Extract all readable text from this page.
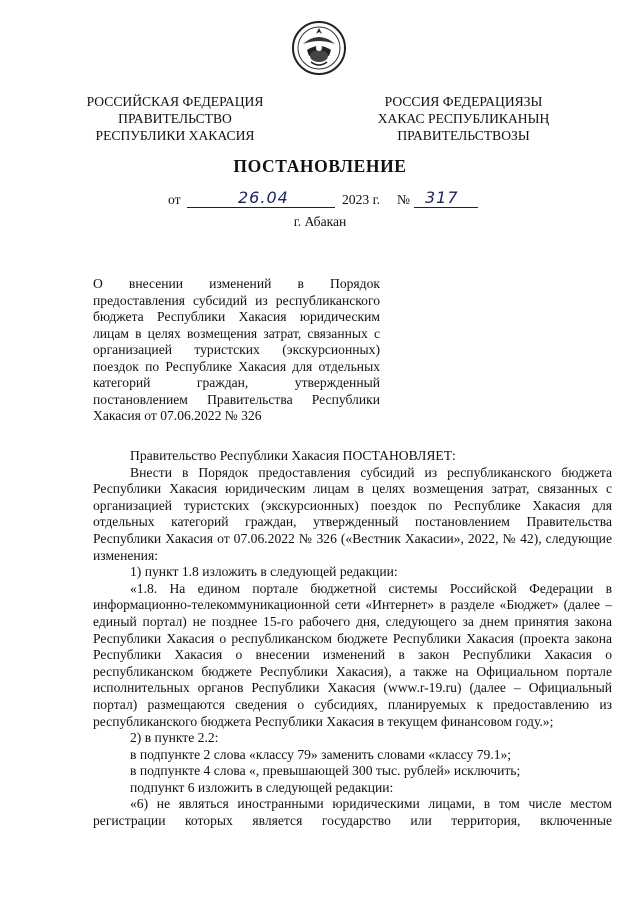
РОССИЙСКАЯ ФЕДЕРАЦИЯ
ПРАВИТЕЛЬСТВО
РЕСПУБЛИКИ ХАКАСИЯ
РОССИЯ ФЕДЕРАЦИЯЗЫ
ХАКАС РЕСПУБЛИКАНЫҢ
ПРАВИТЕЛЬСТВОЗЫ
ПОСТАНОВЛЕНИЕ
от	26.04	2023 г. № 317
г. Абакан
О внесении изменений в Порядок предоставления субсидий из республиканского бюджета Республики Хакасия юридическим лицам в целях возмещения затрат, связанных с организацией туристских (экскурсионных) поездок по Республике Хакасия для отдельных категорий граждан, утвержденный постановлением Правительства Республики Хакасия от 07.06.2022 № 326

Правительство Республики Хакасия ПОСТАНОВЛЯЕТ:

Внести в Порядок предоставления субсидий из республиканского бюджета Республики Хакасия юридическим лицам в целях возмещения затрат, связанных с организацией туристских (экскурсионных) поездок по Республике Хакасия для отдельных категорий граждан, утвержденный постановлением Правительства Республики Хакасия от 07.06.2022 № 326 («Вестник Хакасии», 2022, № 42), следующие изменения:

1) пункт 1.8 изложить в следующей редакции:

«1.8. На едином портале бюджетной системы Российской Федерации в информационно-телекоммуникационной сети «Интернет» в разделе «Бюджет» (далее – единый портал) не позднее 15-го рабочего дня, следующего за днем принятия закона Республики Хакасия о республиканском бюджете Республики Хакасия (проекта закона Республики Хакасия о внесении изменений в закон Республики Хакасия о республиканском бюджете Республики Хакасия), а также на Официальном портале исполнительных органов Республики Хакасия (www.r-19.ru) (далее – Официальный портал) размещаются сведения о субсидиях, планируемых к предоставлению из республиканского бюджета Республики Хакасия в текущем финансовом году.»;

2) в пункте 2.2:

в подпункте 2 слова «классу 79» заменить словами «классу 79.1»;

в подпункте 4 слова «, превышающей 300 тыс. рублей» исключить;

подпункт 6 изложить в следующей редакции:

«6) не являться иностранными юридическими лицами, в том числе местом регистрации которых является государство или территория, включенные
